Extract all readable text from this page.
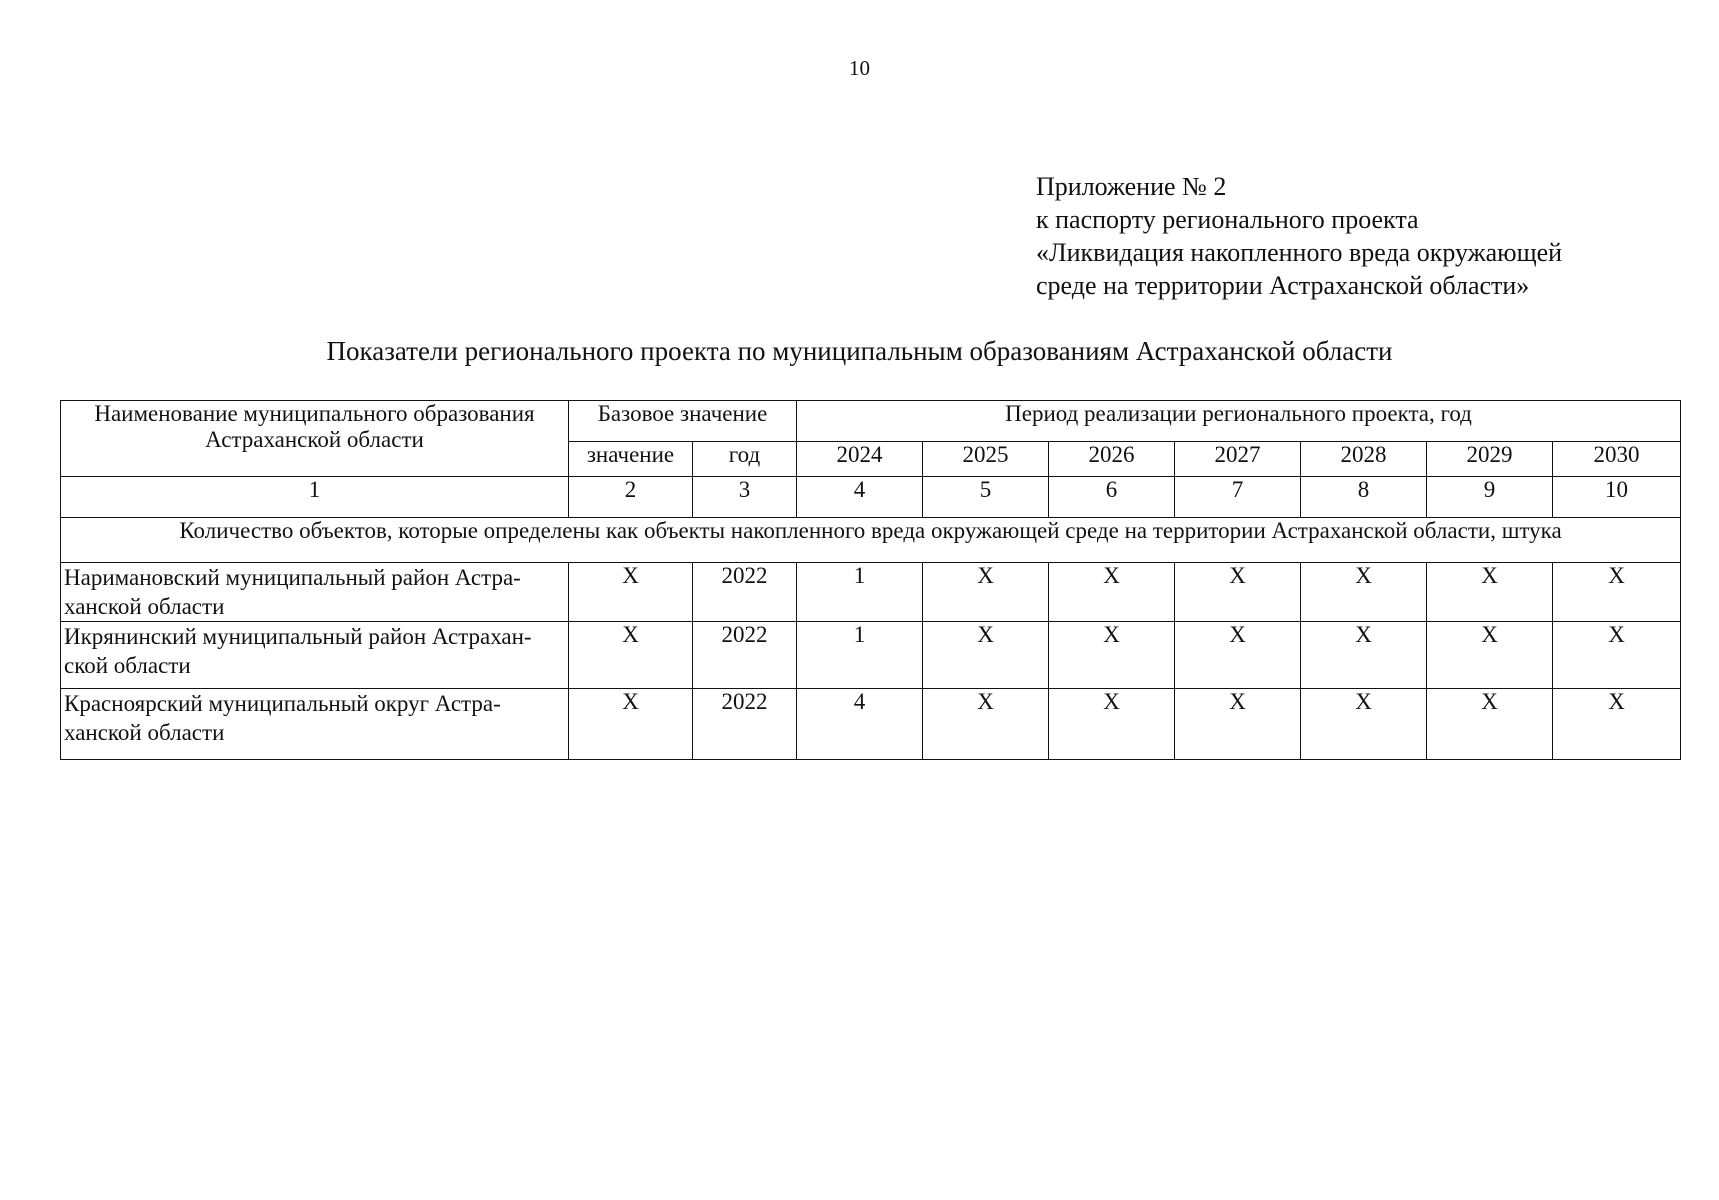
10
Приложение № 2
к паспорту регионального проекта
«Ликвидация накопленного вреда окружающей
среде на территории Астраханской области»
Показатели регионального проекта по муниципальным образованиям Астраханской области
Наименование муниципального образования Астраханской области	Базовое значение		Период реализации регионального проекта, год						
	значение	год	2024	2025	2026	2027	2028	2029	2030
1	2	3	4	5	6	7	8	9	10
Количество объектов, которые определены как объекты накопленного вреда окружающей среде на территории Астраханской области, штука									
Наримановский муниципальный район Астра-ханской области	X	2022	1	X	X	X	X	X	X
Икрянинский муниципальный район Астрахан-ской области	X	2022	1	X	X	X	X	X	X
Красноярский муниципальный округ Астра-ханской области	X	2022	4	X	X	X	X	X	X
